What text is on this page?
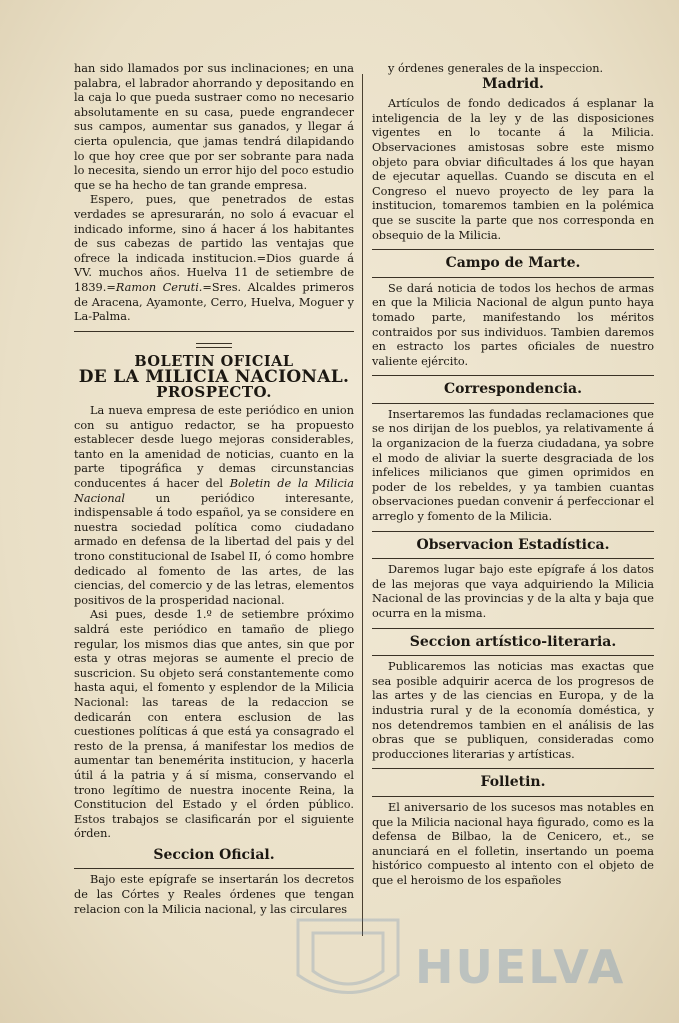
han sido llamados por sus inclinaciones; en una palabra, el labrador ahorrando y depositando en la caja lo que pueda sustraer como no necesario absolutamente en su casa, puede engrandecer sus campos, aumentar sus ganados, y llegar á cierta opulencia, que jamas tendrá dilapidando lo que hoy cree que por ser sobrante para nada lo necesita, siendo un error hijo del poco estudio que se ha hecho de tan grande empresa.

Espero, pues, que penetrados de estas verdades se apresurarán, no solo á evacuar el indicado informe, sino á hacer á los habitantes de sus cabezas de partido las ventajas que ofrece la indicada institucion.=Dios guarde á VV. muchos años. Huelva 11 de setiembre de 1839.=Ramon Ceruti.=Sres. Alcaldes primeros de Aracena, Ayamonte, Cerro, Huelva, Moguer y La-Palma.

BOLETIN OFICIAL
DE LA MILICIA NACIONAL.
PROSPECTO.

La nueva empresa de este periódico en union con su antiguo redactor, se ha propuesto establecer desde luego mejoras considerables, tanto en la amenidad de noticias, cuanto en la parte tipográfica y demas circunstancias conducentes á hacer del Boletin de la Milicia Nacional un periódico interesante, indispensable á todo español, ya se considere en nuestra sociedad política como ciudadano armado en defensa de la libertad del pais y del trono constitucional de Isabel II, ó como hombre dedicado al fomento de las artes, de las ciencias, del comercio y de las letras, elementos positivos de la prosperidad nacional.

Asi pues, desde 1.º de setiembre próximo saldrá este periódico en tamaño de pliego regular, los mismos dias que antes, sin que por esta y otras mejoras se aumente el precio de suscricion. Su objeto será constantemente como hasta aqui, el fomento y esplendor de la Milicia Nacional: las tareas de la redaccion se dedicarán con entera esclusion de las cuestiones políticas á que está ya consagrado el resto de la prensa, á manifestar los medios de aumentar tan benemérita institucion, y hacerla útil á la patria y á sí misma, conservando el trono legítimo de nuestra inocente Reina, la Constitucion del Estado y el órden público. Estos trabajos se clasificarán por el siguiente órden.

Seccion Oficial.

Bajo este epígrafe se insertarán los decretos de las Córtes y Reales órdenes que tengan relacion con la Milicia nacional, y las circulares

y órdenes generales de la inspeccion.

Madrid.

Artículos de fondo dedicados á esplanar la inteligencia de la ley y de las disposiciones vigentes en lo tocante á la Milicia. Observaciones amistosas sobre este mismo objeto para obviar dificultades á los que hayan de ejecutar aquellas. Cuando se discuta en el Congreso el nuevo proyecto de ley para la institucion, tomaremos tambien en la polémica que se suscite la parte que nos corresponda en obsequio de la Milicia.

Campo de Marte.

Se dará noticia de todos los hechos de armas en que la Milicia Nacional de algun punto haya tomado parte, manifestando los méritos contraidos por sus individuos. Tambien daremos en estracto los partes oficiales de nuestro valiente ejército.

Correspondencia.

Insertaremos las fundadas reclamaciones que se nos dirijan de los pueblos, ya relativamente á la organizacion de la fuerza ciudadana, ya sobre el modo de aliviar la suerte desgraciada de los infelices milicianos que gimen oprimidos en poder de los rebeldes, y ya tambien cuantas observaciones puedan convenir á perfeccionar el arreglo y fomento de la Milicia.

Observacion Estadística.

Daremos lugar bajo este epígrafe á los datos de las mejoras que vaya adquiriendo la Milicia Nacional de las provincias y de la alta y baja que ocurra en la misma.

Seccion artístico-literaria.

Publicaremos las noticias mas exactas que sea posible adquirir acerca de los progresos de las artes y de las ciencias en Europa, y de la industria rural y de la economía doméstica, y nos detendremos tambien en el análisis de las obras que se publiquen, consideradas como producciones literarias y artísticas.

Folletin.

El aniversario de los sucesos mas notables en que la Milicia nacional haya figurado, como es la defensa de Bilbao, la de Cenicero, et., se anunciará en el folletin, insertando un poema histórico compuesto al intento con el objeto de que el heroismo de los españoles

HUELVA
